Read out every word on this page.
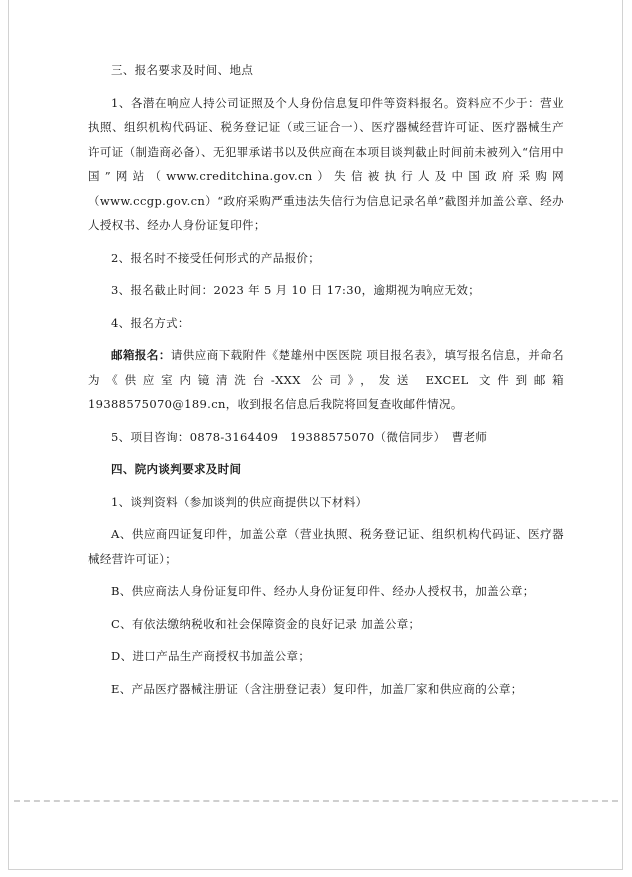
三、报名要求及时间、地点

1、各潜在响应人持公司证照及个人身份信息复印件等资料报名。资料应不少于：营业执照、组织机构代码证、税务登记证（或三证合一）、医疗器械经营许可证、医疗器械生产许可证（制造商必备）、无犯罪承诺书以及供应商在本项目谈判截止时间前未被列入“信用中国”网站（www.creditchina.gov.cn）失信被执行人及中国政府采购网（www.ccgp.gov.cn）“政府采购严重违法失信行为信息记录名单”截图并加盖公章、经办人授权书、经办人身份证复印件；

2、报名时不接受任何形式的产品报价；

3、报名截止时间：2023 年 5 月 10 日 17:30，逾期视为响应无效；

4、报名方式：

邮箱报名：请供应商下载附件《楚雄州中医医院 项目报名表》，填写报名信息，并命名为《供应室内镜清洗台-XXX 公司》，发送 EXCEL 文件到邮箱 19388575070@189.cn，收到报名信息后我院将回复查收邮件情况。

5、项目咨询：0878-3164409　19388575070（微信同步）　曹老师

四、院内谈判要求及时间

1、谈判资料（参加谈判的供应商提供以下材料）

A、供应商四证复印件，加盖公章（营业执照、税务登记证、组织机构代码证、医疗器械经营许可证）；

B、供应商法人身份证复印件、经办人身份证复印件、经办人授权书，加盖公章；

C、有依法缴纳税收和社会保障资金的良好记录 加盖公章；

D、进口产品生产商授权书加盖公章；

E、产品医疗器械注册证（含注册登记表）复印件，加盖厂家和供应商的公章；
